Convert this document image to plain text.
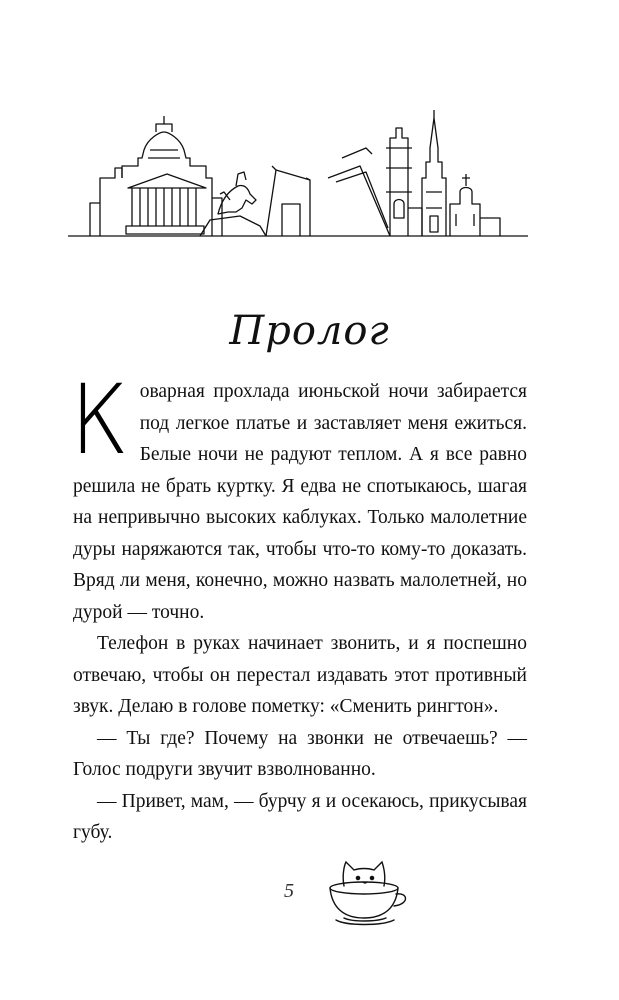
Пролог

Коварная прохлада июньской ночи забирается под легкое платье и заставляет меня ежиться. Белые ночи не радуют теплом. А я все равно решила не брать куртку. Я едва не спотыкаюсь, шагая на непривычно высоких каблуках. Только малолетние дуры наряжаются так, чтобы что-то кому-то доказать. Вряд ли меня, конечно, можно назвать малолетней, но дурой — точно.

Телефон в руках начинает звонить, и я поспешно отвечаю, чтобы он перестал издавать этот противный звук. Делаю в голове пометку: «Сменить рингтон».

— Ты где? Почему на звонки не отвечаешь? — Голос подруги звучит взволнованно.

— Привет, мам, — бурчу я и осекаюсь, прикусывая губу.

5
